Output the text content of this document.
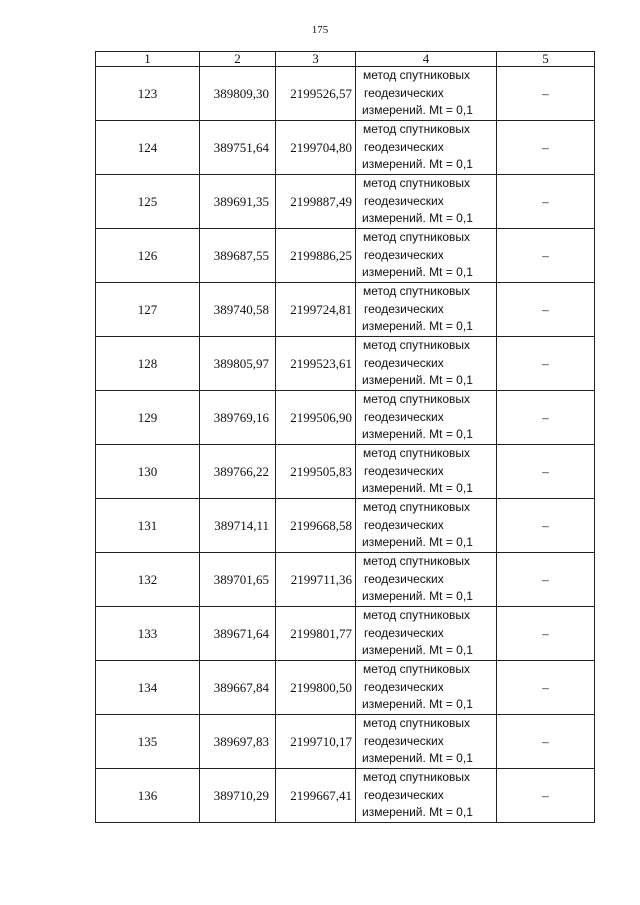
175
1	2	3	4	5
123	389809,30	2199526,57	метод спутниковых
геодезических
измерений. Mt = 0,1	–
124	389751,64	2199704,80	метод спутниковых
геодезических
измерений. Mt = 0,1	–
125	389691,35	2199887,49	метод спутниковых
геодезических
измерений. Mt = 0,1	–
126	389687,55	2199886,25	метод спутниковых
геодезических
измерений. Mt = 0,1	–
127	389740,58	2199724,81	метод спутниковых
геодезических
измерений. Mt = 0,1	–
128	389805,97	2199523,61	метод спутниковых
геодезических
измерений. Mt = 0,1	–
129	389769,16	2199506,90	метод спутниковых
геодезических
измерений. Mt = 0,1	–
130	389766,22	2199505,83	метод спутниковых
геодезических
измерений. Mt = 0,1	–
131	389714,11	2199668,58	метод спутниковых
геодезических
измерений. Mt = 0,1	–
132	389701,65	2199711,36	метод спутниковых
геодезических
измерений. Mt = 0,1	–
133	389671,64	2199801,77	метод спутниковых
геодезических
измерений. Mt = 0,1	–
134	389667,84	2199800,50	метод спутниковых
геодезических
измерений. Mt = 0,1	–
135	389697,83	2199710,17	метод спутниковых
геодезических
измерений. Mt = 0,1	–
136	389710,29	2199667,41	метод спутниковых
геодезических
измерений. Mt = 0,1	–
